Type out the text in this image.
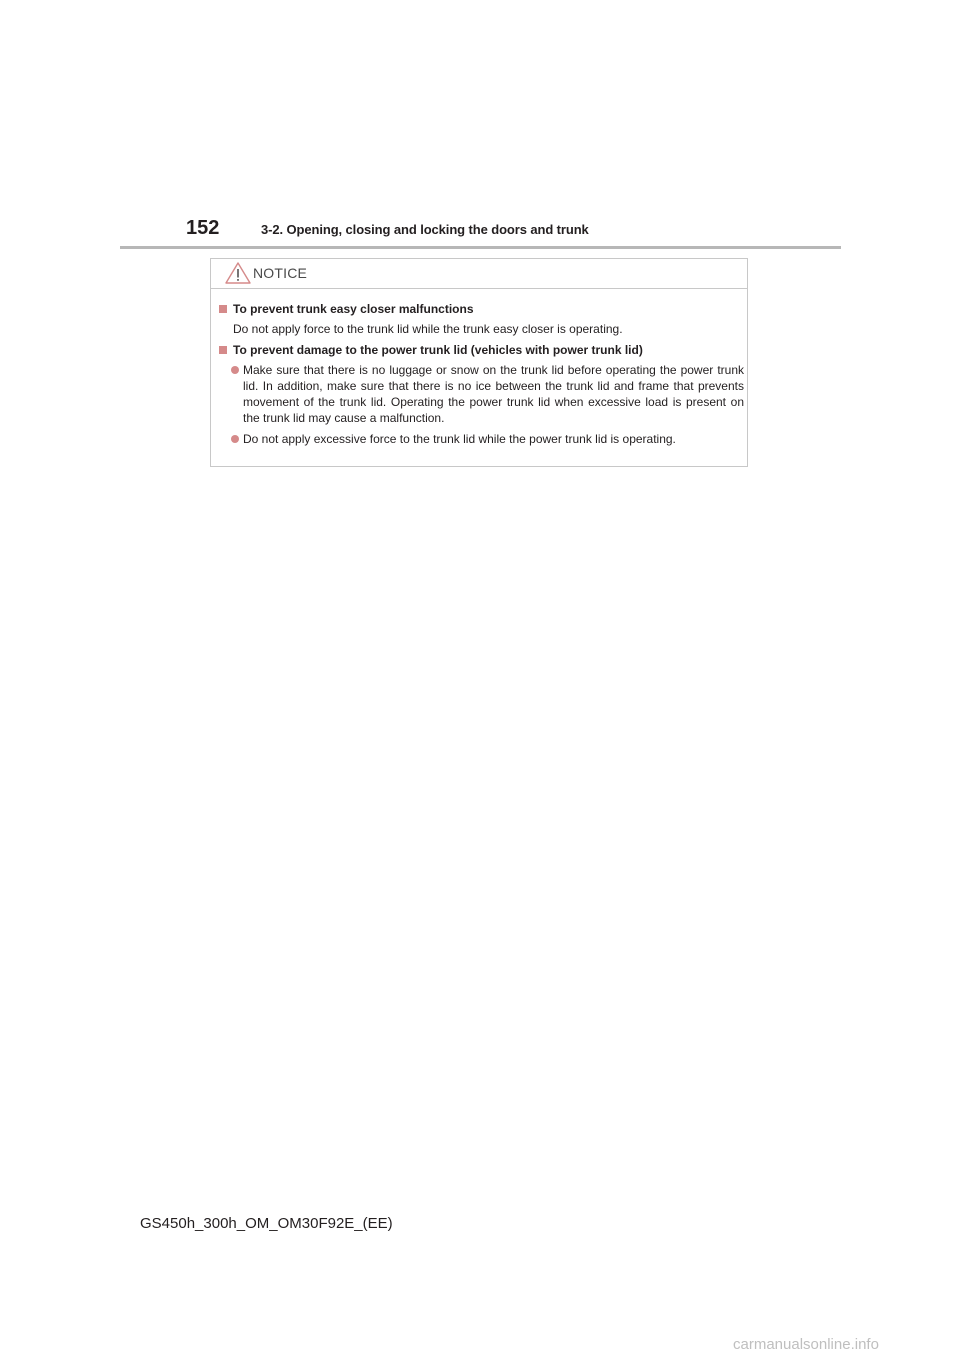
152	3-2. Opening, closing and locking the doors and trunk
NOTICE
To prevent trunk easy closer malfunctions
Do not apply force to the trunk lid while the trunk easy closer is operating.
To prevent damage to the power trunk lid (vehicles with power trunk lid)
Make sure that there is no luggage or snow on the trunk lid before operating the power trunk lid. In addition, make sure that there is no ice between the trunk lid and frame that prevents movement of the trunk lid. Operating the power trunk lid when excessive load is present on the trunk lid may cause a malfunction.
Do not apply excessive force to the trunk lid while the power trunk lid is operating.
GS450h_300h_OM_OM30F92E_(EE)
carmanualsonline.info
